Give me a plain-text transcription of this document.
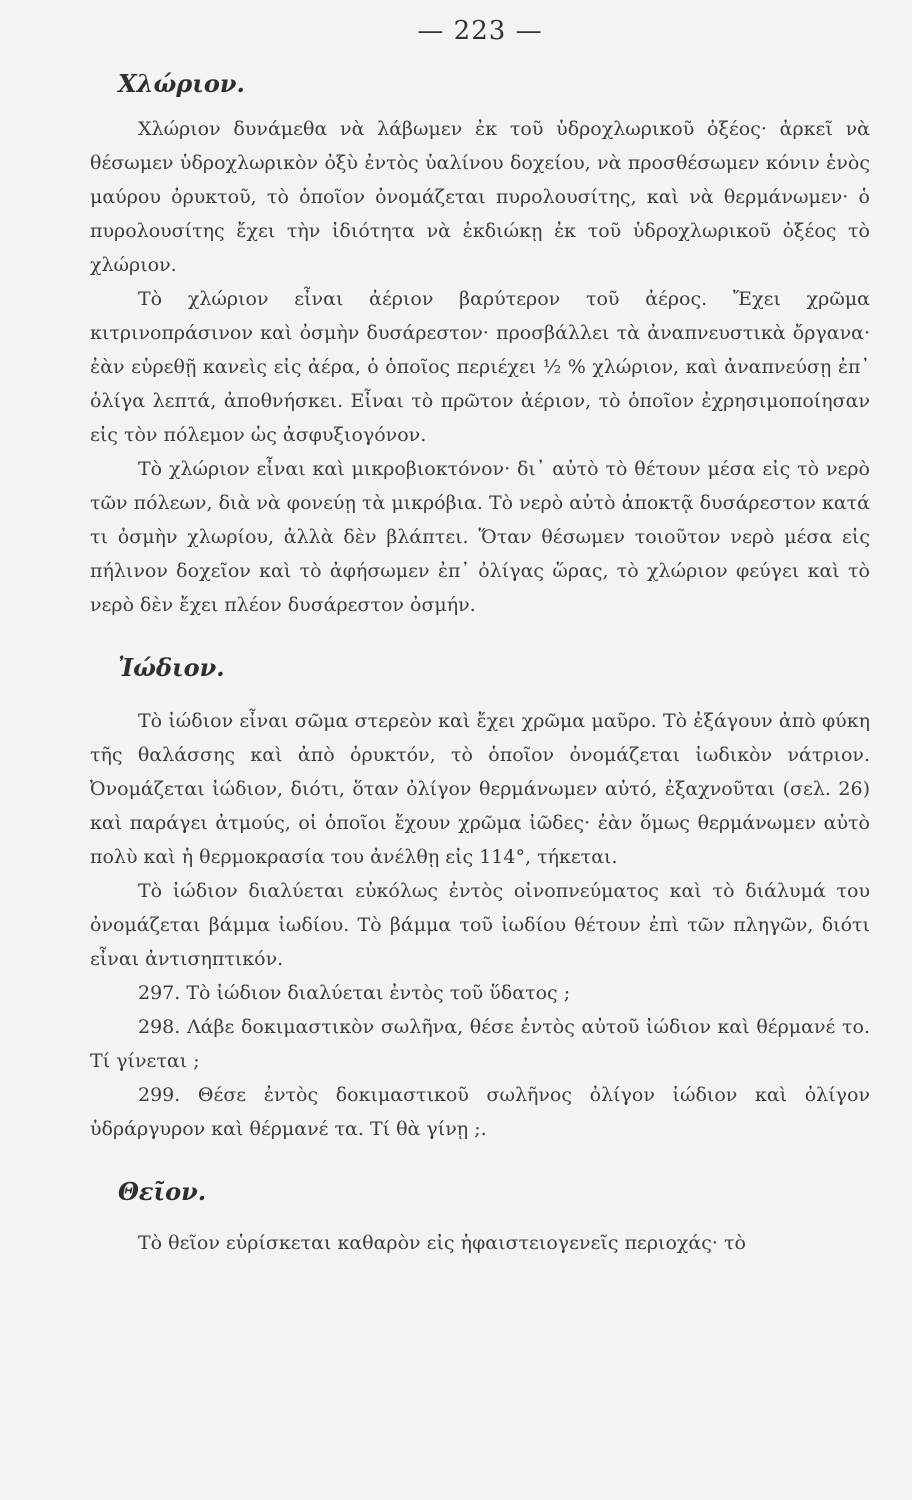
— 223 —
Χλώριον.

Χλώριον δυνάμεθα νὰ λάβωμεν ἐκ τοῦ ὑδροχλωρικοῦ ὀξέος· ἀρκεῖ νὰ θέσωμεν ὑδροχλωρικὸν ὀξὺ ἐντὸς ὑαλίνου δοχείου, νὰ προσθέσωμεν κόνιν ἑνὸς μαύρου ὀρυκτοῦ, τὸ ὁποῖον ὀνομάζεται πυρολουσίτης, καὶ νὰ θερμάνωμεν· ὁ πυρολουσίτης ἔχει τὴν ἰδιότητα νὰ ἐκδιώκῃ ἐκ τοῦ ὑδροχλωρικοῦ ὀξέος τὸ χλώριον.

Τὸ χλώριον εἶναι ἀέριον βαρύτερον τοῦ ἀέρος. Ἔχει χρῶμα κιτρινοπράσινον καὶ ὀσμὴν δυσάρεστον· προσβάλλει τὰ ἀναπνευστικὰ ὄργανα· ἐὰν εὑρεθῇ κανεὶς εἰς ἀέρα, ὁ ὁποῖος περιέχει ½ % χλώριον, καὶ ἀναπνεύσῃ ἐπ᾽ ὀλίγα λεπτά, ἀποθνήσκει. Εἶναι τὸ πρῶτον ἀέριον, τὸ ὁποῖον ἐχρησιμοποίησαν εἰς τὸν πόλεμον ὡς ἀσφυξιογόνον.

Τὸ χλώριον εἶναι καὶ μικροβιοκτόνον· δι᾽ αὐτὸ τὸ θέτουν μέσα εἰς τὸ νερὸ τῶν πόλεων, διὰ νὰ φονεύῃ τὰ μικρόβια. Τὸ νερὸ αὐτὸ ἀποκτᾷ δυσάρεστον κατά τι ὀσμὴν χλωρίου, ἀλλὰ δὲν βλάπτει. Ὅταν θέσωμεν τοιοῦτον νερὸ μέσα εἰς πήλινον δοχεῖον καὶ τὸ ἀφήσωμεν ἐπ᾽ ὀλίγας ὥρας, τὸ χλώριον φεύγει καὶ τὸ νερὸ δὲν ἔχει πλέον δυσάρεστον ὀσμήν.

Ἰώδιον.

Τὸ ἰώδιον εἶναι σῶμα στερεὸν καὶ ἔχει χρῶμα μαῦρο. Τὸ ἐξάγουν ἀπὸ φύκη τῆς θαλάσσης καὶ ἀπὸ ὀρυκτόν, τὸ ὁποῖον ὀνομάζεται ἰωδικὸν νάτριον. Ὀνομάζεται ἰώδιον, διότι, ὅταν ὀλίγον θερμάνωμεν αὐτό, ἐξαχνοῦται (σελ. 26) καὶ παράγει ἀτμούς, οἱ ὁποῖοι ἔχουν χρῶμα ἰῶδες· ἐὰν ὅμως θερμάνωμεν αὐτὸ πολὺ καὶ ἡ θερμοκρασία του ἀνέλθῃ εἰς 114°, τήκεται.

Τὸ ἰώδιον διαλύεται εὐκόλως ἐντὸς οἰνοπνεύματος καὶ τὸ διάλυμά του ὀνομάζεται βάμμα ἰωδίου. Τὸ βάμμα τοῦ ἰωδίου θέτουν ἐπὶ τῶν πληγῶν, διότι εἶναι ἀντισηπτικόν.

297. Τὸ ἰώδιον διαλύεται ἐντὸς τοῦ ὕδατος ;

298. Λάβε δοκιμαστικὸν σωλῆνα, θέσε ἐντὸς αὐτοῦ ἰώδιον καὶ θέρμανέ το. Τί γίνεται ;

299. Θέσε ἐντὸς δοκιμαστικοῦ σωλῆνος ὀλίγον ἰώδιον καὶ ὀλίγον ὑδράργυρον καὶ θέρμανέ τα. Τί θὰ γίνῃ ;.

Θεῖον.

Τὸ θεῖον εὑρίσκεται καθαρὸν εἰς ἡφαιστειογενεῖς περιοχάς· τὸ
